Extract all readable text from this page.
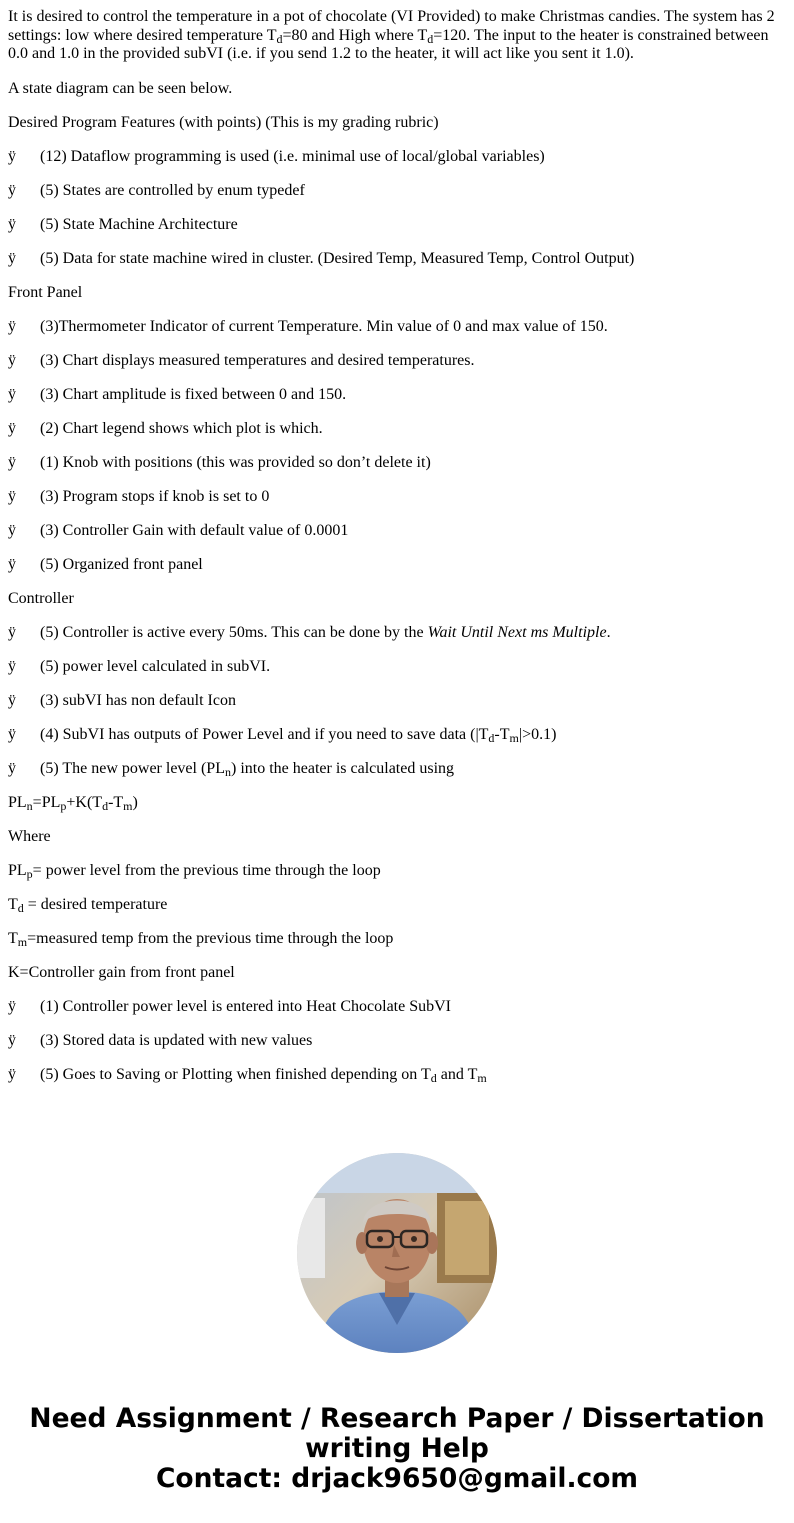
It is desired to control the temperature in a pot of chocolate (VI Provided) to make Christmas candies. The system has 2 settings: low where desired temperature $T_d=80$ and High where $T_d=120$. The input to the heater is constrained between 0.0 and 1.0 in the provided subVI (i.e. if you send 1.2 to the heater, it will act like you sent it 1.0).

A state diagram can be seen below.

Desired Program Features (with points) (This is my grading rubric)

ÿ (12) Dataflow programming is used (i.e. minimal use of local/global variables)

ÿ (5) States are controlled by enum typedef

ÿ (5) State Machine Architecture

ÿ (5) Data for state machine wired in cluster. (Desired Temp, Measured Temp, Control Output)

Front Panel

ÿ (3)Thermometer Indicator of current Temperature. Min value of 0 and max value of 150.

ÿ (3) Chart displays measured temperatures and desired temperatures.

ÿ (3) Chart amplitude is fixed between 0 and 150.

ÿ (2) Chart legend shows which plot is which.

ÿ (1) Knob with positions (this was provided so don’t delete it)

ÿ (3) Program stops if knob is set to 0

ÿ (3) Controller Gain with default value of 0.0001

ÿ (5) Organized front panel

Controller

ÿ (5) Controller is active every 50ms. This can be done by the Wait Until Next ms Multiple.

ÿ (5) power level calculated in subVI.

ÿ (3) subVI has non default Icon

ÿ (4) SubVI has outputs of Power Level and if you need to save data $(|T_d-T_m|>0.1)$

ÿ (5) The new power level $(PL_n)$ into the heater is calculated using

$PL_n=PL_p+K(T_d-T_m)$

Where

$PL_p=$ power level from the previous time through the loop

$T_d$ = desired temperature

$T_m=measured$ temp from the previous time through the loop

K=Controller gain from front panel

ÿ (1) Controller power level is entered into Heat Chocolate SubVI

ÿ (3) Stored data is updated with new values

ÿ (5) Goes to Saving or Plotting when finished depending on $T_d$ and $T_m$

Need Assignment / Research Paper / Dissertation
writing Help
Contact: drjack9650@gmail.com
